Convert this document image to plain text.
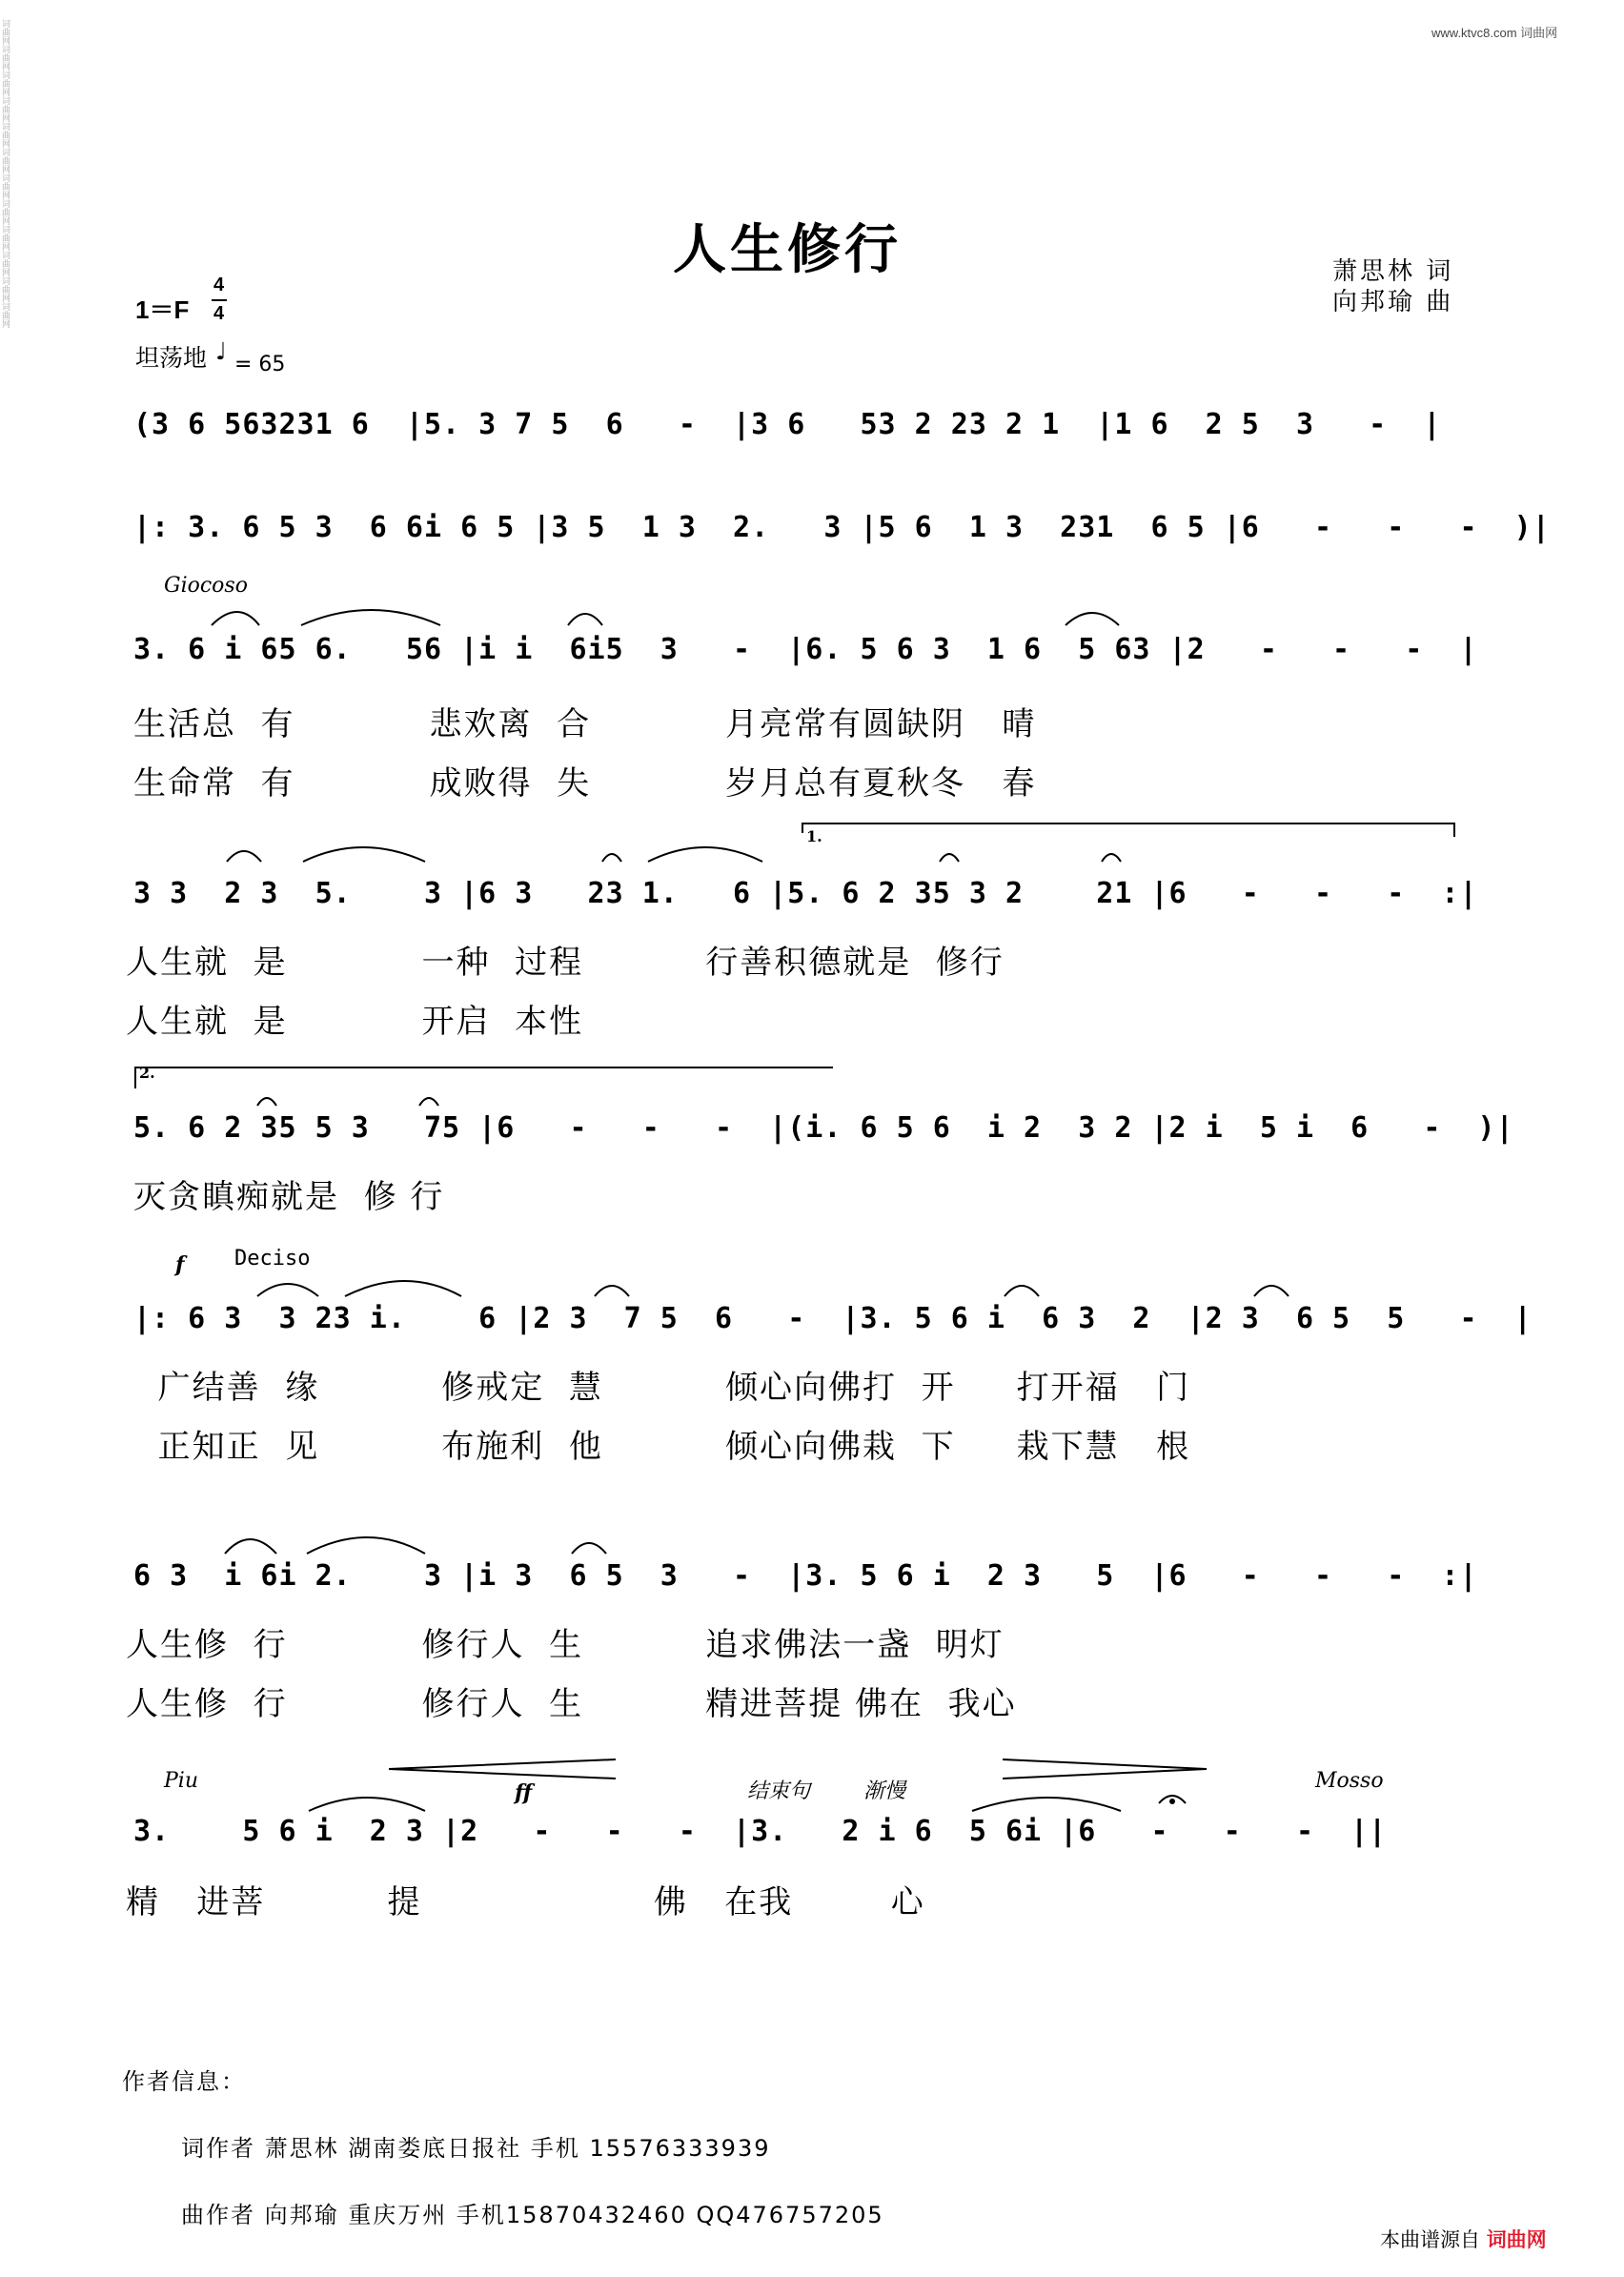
词曲网词曲网词曲网词曲网词曲网词曲网词曲网词曲网词曲网词曲网词曲网词曲网	www.ktvc8.com 词曲网
人生修行	萧思林 词
向邦瑜 曲
1＝F
4
4
坦荡地 ♩ = 65
(3 6 563231 6  |5. 3 7 5  6   -  |3 6   53 2 23 2 1  |1 6  2 5  3   -  |
|: 3. 6 5 3  6 6i 6 5 |3 5  1 3  2.   3 |5 6  1 3  231  6 5 |6   -   -   -  )|
Giocoso
3. 6 i 65 6.   56 |i i  6i5  3   -  |6. 5 6 3  1 6  5 63 |2   -   -   -  |
生活总  有           悲欢离  合           月亮常有圆缺阴   晴
生命常  有           成败得  失           岁月总有夏秋冬   春
1.
3 3  2 3  5.    3 |6 3   23 1.   6 |5. 6 2 35 3 2    21 |6   -   -   -  :|
人生就  是           一种  过程          行善积德就是  修行
人生就  是           开启  本性
2.
5. 6 2 35 5 3   75 |6   -   -   -  |(i. 6 5 6  i 2  3 2 |2 i  5 i  6   -  )|
灭贪瞋痴就是  修 行
f Deciso
|: 6 3  3 23 i.    6 |2 3  7 5  6   -  |3. 5 6 i  6 3  2  |2 3  6 5  5   -  |
广结善  缘          修戒定  慧          倾心向佛打  开     打开福   门
正知正  见          布施利  他          倾心向佛栽  下     栽下慧   根
6 3  i 6i 2.    3 |i 3  6 5  3   -  |3. 5 6 i  2 3   5  |6   -   -   -  :|
人生修  行           修行人  生          追求佛法一盏  明灯
人生修  行           修行人  生          精进菩提 佛在  我心
Piu	ff	结束句	渐慢	Mosso
3.    5 6 i  2 3 |2   -   -   -  |3.   2 i 6  5 6i |6   -   -   -  ||
精   进菩          提                   佛   在我        心
作者信息：
词作者 萧思林 湖南娄底日报社 手机 15576333939
曲作者 向邦瑜 重庆万州 手机15870432460 QQ476757205
本曲谱源自 词曲网
